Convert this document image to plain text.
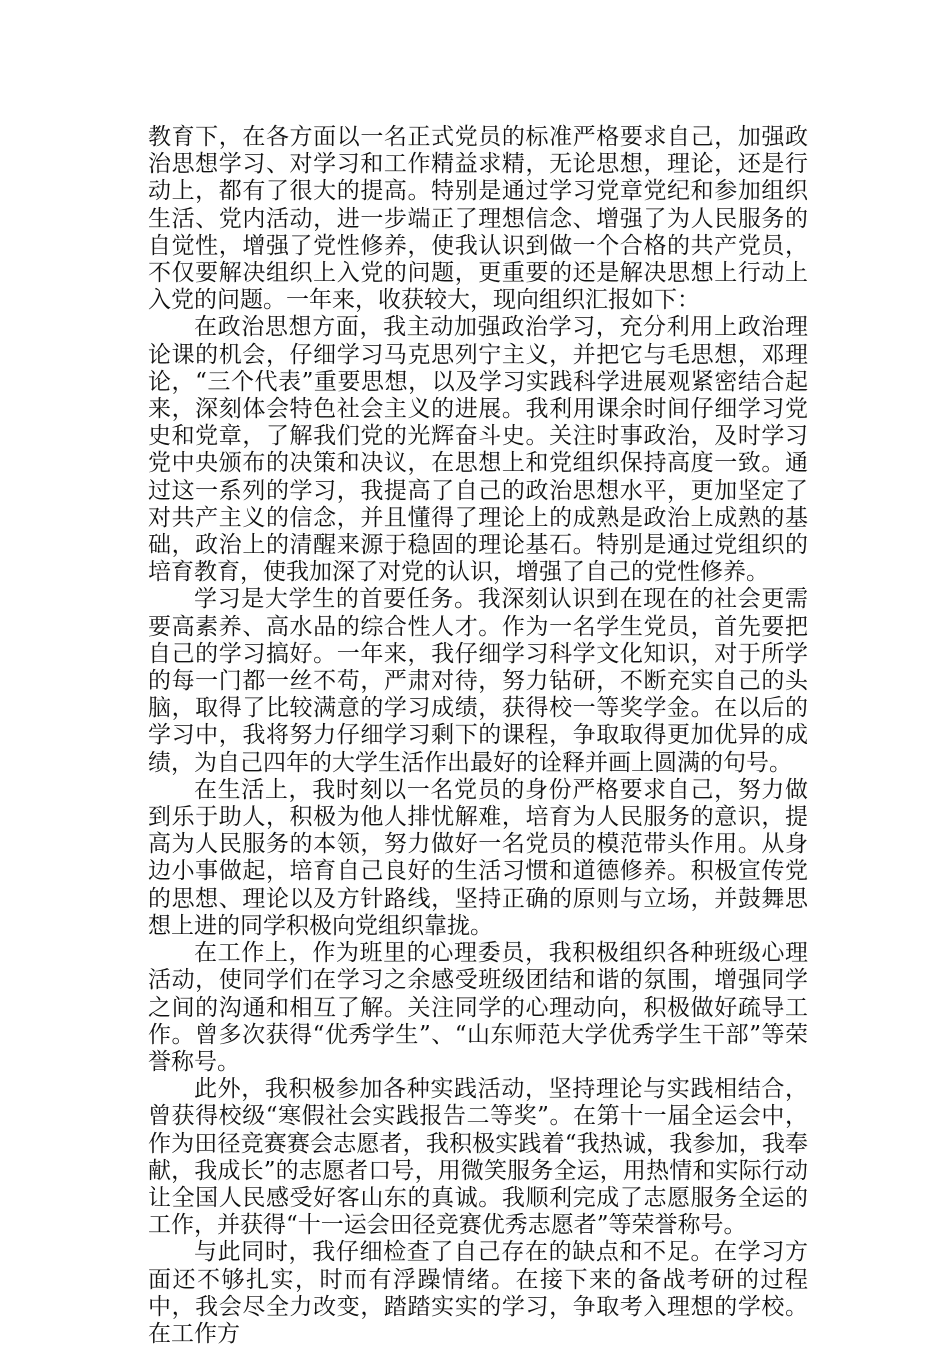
教育下，在各方面以一名正式党员的标准严格要求自己，加强政治思想学习、对学习和工作精益求精，无论思想，理论，还是行动上，都有了很大的提高。特别是通过学习党章党纪和参加组织生活、党内活动，进一步端正了理想信念、增强了为人民服务的自觉性，增强了党性修养，使我认识到做一个合格的共产党员，不仅要解决组织上入党的问题，更重要的还是解决思想上行动上入党的问题。一年来，收获较大，现向组织汇报如下：

在政治思想方面，我主动加强政治学习，充分利用上政治理论课的机会，仔细学习马克思列宁主义，并把它与毛思想，邓理论，“三个代表”重要思想，以及学习实践科学进展观紧密结合起来，深刻体会特色社会主义的进展。我利用课余时间仔细学习党史和党章，了解我们党的光辉奋斗史。关注时事政治，及时学习党中央颁布的决策和决议，在思想上和党组织保持高度一致。通过这一系列的学习，我提高了自己的政治思想水平，更加坚定了对共产主义的信念，并且懂得了理论上的成熟是政治上成熟的基础，政治上的清醒来源于稳固的理论基石。特别是通过党组织的培育教育，使我加深了对党的认识，增强了自己的党性修养。

学习是大学生的首要任务。我深刻认识到在现在的社会更需要高素养、高水品的综合性人才。作为一名学生党员，首先要把自己的学习搞好。一年来，我仔细学习科学文化知识，对于所学的每一门都一丝不苟，严肃对待，努力钻研，不断充实自己的头脑，取得了比较满意的学习成绩，获得校一等奖学金。在以后的学习中，我将努力仔细学习剩下的课程，争取取得更加优异的成绩，为自己四年的大学生活作出最好的诠释并画上圆满的句号。

在生活上，我时刻以一名党员的身份严格要求自己，努力做到乐于助人，积极为他人排忧解难，培育为人民服务的意识，提高为人民服务的本领，努力做好一名党员的模范带头作用。从身边小事做起，培育自己良好的生活习惯和道德修养。积极宣传党的思想、理论以及方针路线，坚持正确的原则与立场，并鼓舞思想上进的同学积极向党组织靠拢。

在工作上，作为班里的心理委员，我积极组织各种班级心理活动，使同学们在学习之余感受班级团结和谐的氛围，增强同学之间的沟通和相互了解。关注同学的心理动向，积极做好疏导工作。曾多次获得“优秀学生”、“山东师范大学优秀学生干部”等荣誉称号。

此外，我积极参加各种实践活动，坚持理论与实践相结合，曾获得校级“寒假社会实践报告二等奖”。在第十一届全运会中，作为田径竞赛赛会志愿者，我积极实践着“我热诚，我参加，我奉献，我成长”的志愿者口号，用微笑服务全运，用热情和实际行动让全国人民感受好客山东的真诚。我顺利完成了志愿服务全运的工作，并获得“十一运会田径竞赛优秀志愿者”等荣誉称号。

与此同时，我仔细检查了自己存在的缺点和不足。在学习方面还不够扎实，时而有浮躁情绪。在接下来的备战考研的过程中，我会尽全力改变，踏踏实实的学习，争取考入理想的学校。在工作方
